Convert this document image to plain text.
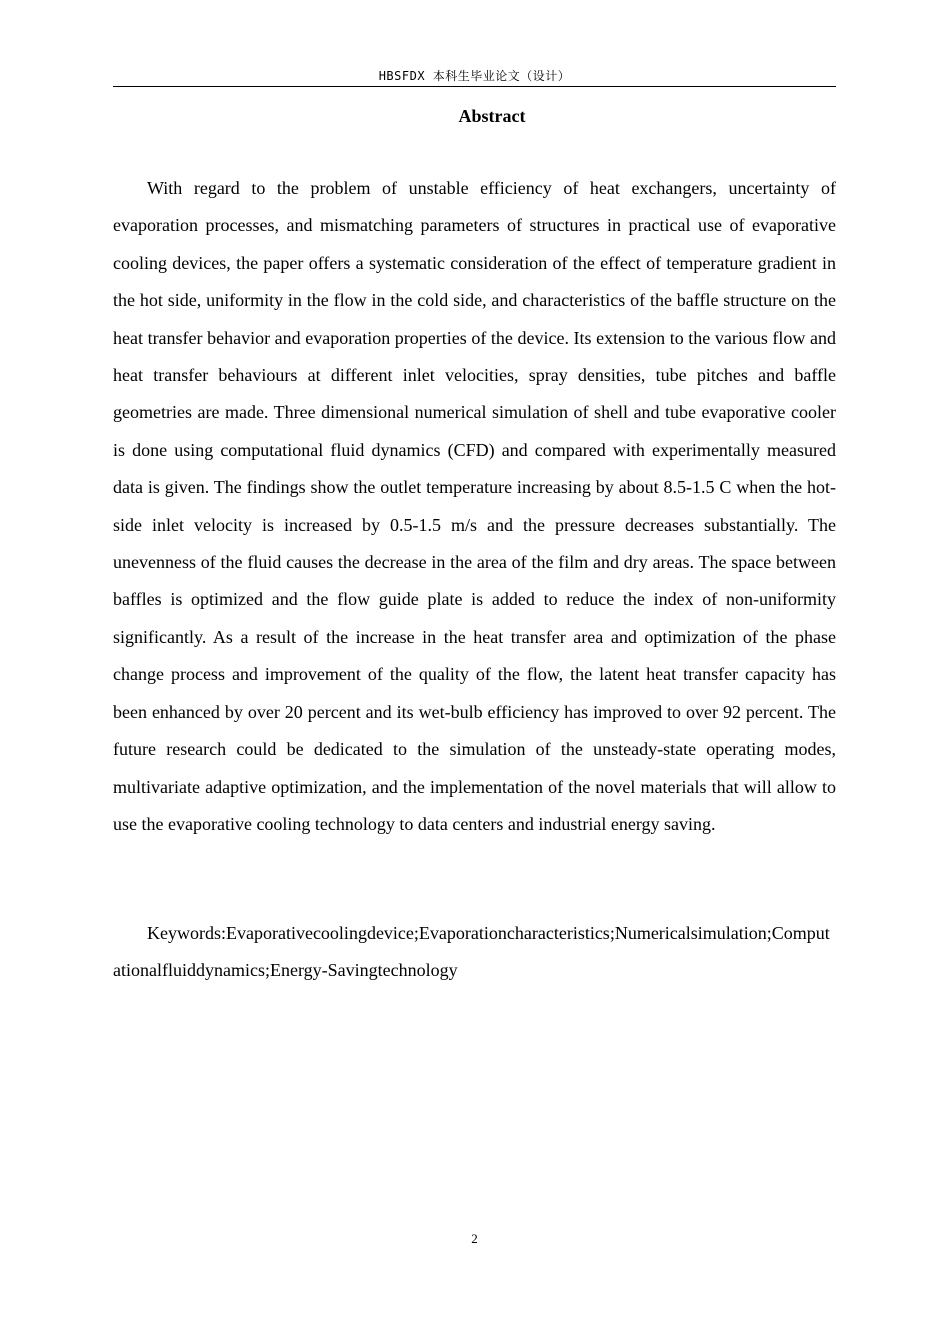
HBSFDX 本科生毕业论文（设计）
Abstract

With regard to the problem of unstable efficiency of heat exchangers, uncertainty of evaporation processes, and mismatching parameters of structures in practical use of evaporative cooling devices, the paper offers a systematic consideration of the effect of temperature gradient in the hot side, uniformity in the flow in the cold side, and characteristics of the baffle structure on the heat transfer behavior and evaporation properties of the device. Its extension to the various flow and heat transfer behaviours at different inlet velocities, spray densities, tube pitches and baffle geometries are made. Three dimensional numerical simulation of shell and tube evaporative cooler is done using computational fluid dynamics (CFD) and compared with experimentally measured data is given. The findings show the outlet temperature increasing by about 8.5-1.5 C when the hot-side inlet velocity is increased by 0.5-1.5 m/s and the pressure decreases substantially. The unevenness of the fluid causes the decrease in the area of the film and dry areas. The space between baffles is optimized and the flow guide plate is added to reduce the index of non-uniformity significantly. As a result of the increase in the heat transfer area and optimization of the phase change process and improvement of the quality of the flow, the latent heat transfer capacity has been enhanced by over 20 percent and its wet-bulb efficiency has improved to over 92 percent. The future research could be dedicated to the simulation of the unsteady-state operating modes, multivariate adaptive optimization, and the implementation of the novel materials that will allow to use the evaporative cooling technology to data centers and industrial energy saving.

Keywords:Evaporativecoolingdevice;Evaporationcharacteristics;Numericalsimulation;Computationalfluiddynamics;Energy-Savingtechnology

2
